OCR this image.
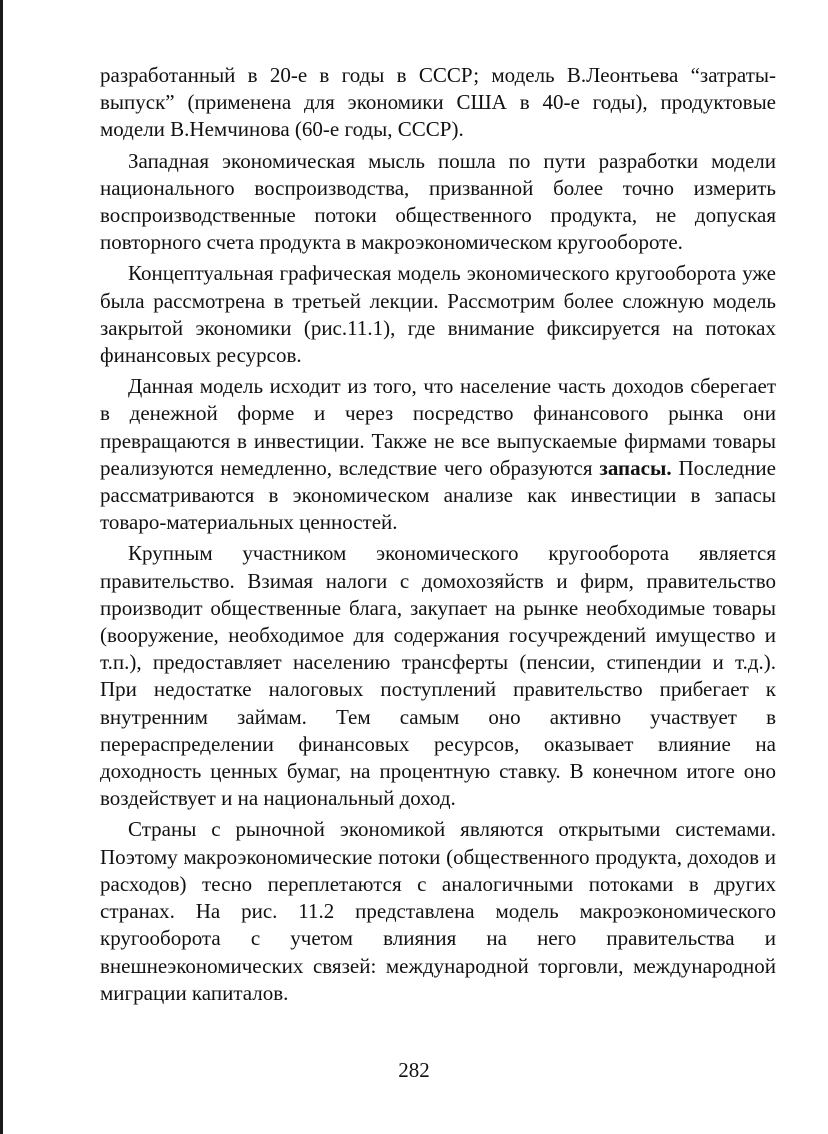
разработанный в 20-е в годы в СССР; модель В.Леонтьева “затраты-выпуск” (применена для экономики США в 40-е годы), продуктовые модели В.Немчинова (60-е годы, СССР).

Западная экономическая мысль пошла по пути разработки модели национального воспроизводства, призванной более точно измерить воспроизводственные потоки общественного продукта, не допуская повторного счета продукта в макроэкономическом кругообороте.

Концептуальная графическая модель экономического кругооборота уже была рассмотрена в третьей лекции. Рассмотрим более сложную модель закрытой экономики (рис.11.1), где внимание фиксируется на потоках финансовых ресурсов.

Данная модель исходит из того, что население часть доходов сберегает в денежной форме и через посредство финансового рынка они превращаются в инвестиции. Также не все выпускаемые фирмами товары реализуются немедленно, вследствие чего образуются запасы. Последние рассматриваются в экономическом анализе как инвестиции в запасы товаро-материальных ценностей.

Крупным участником экономического кругооборота является правительство. Взимая налоги с домохозяйств и фирм, правительство производит общественные блага, закупает на рынке необходимые товары (вооружение, необходимое для содержания госучреждений имущество и т.п.), предоставляет населению трансферты (пенсии, стипендии и т.д.). При недостатке налоговых поступлений правительство прибегает к внутренним займам. Тем самым оно активно участвует в перераспределении финансовых ресурсов, оказывает влияние на доходность ценных бумаг, на процентную ставку. В конечном итоге оно воздействует и на национальный доход.

Страны с рыночной экономикой являются открытыми системами. Поэтому макроэкономические потоки (общественного продукта, доходов и расходов) тесно переплетаются с аналогичными потоками в других странах. На рис. 11.2 представлена модель макроэкономического кругооборота с учетом влияния на него правительства и внешнеэкономических связей: международной торговли, международной миграции капиталов.

282
